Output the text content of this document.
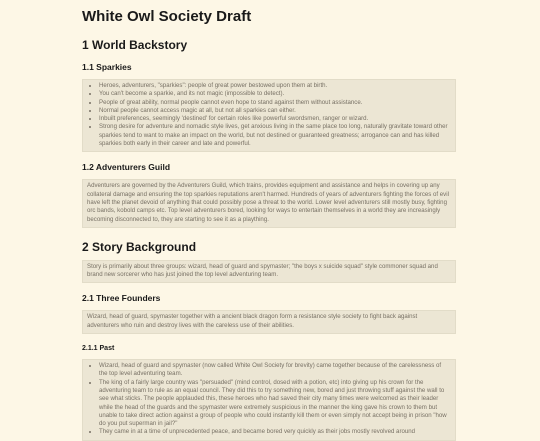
White Owl Society Draft
1 World Backstory
1.1 Sparkies
• Heroes, adventurers, "sparkies": people of great power bestowed upon them at birth.
• You can't become a sparkie, and its not magic (impossible to detect).
• People of great ability, normal people cannot even hope to stand against them without assistance.
• Normal people cannot access magic at all, but not all sparkies can either.
• Inbuilt preferences, seemingly 'destined' for certain roles like powerful swordsmen, ranger or wizard.
• Strong desire for adventure and nomadic style lives, get anxious living in the same place too long, naturally gravitate toward other sparkies tend to want to make an impact on the world, but not destined or guaranteed greatness; arrogance can and has killed sparkies both early in their career and late and powerful.
1.2 Adventurers Guild

Adventurers are governed by the Adventurers Guild, which trains, provides equipment and assistance and helps in covering up any collateral damage and ensuring the top sparkies reputations aren't harmed. Hundreds of years of adventurers fighting the forces of evil have left the planet devoid of anything that could possibly pose a threat to the world. Lower level adventurers still mostly busy, fighting orc bands, kobold camps etc. Top level adventurers bored, looking for ways to entertain themselves in a world they are increasingly becoming disconnected to, they are starting to see it as a plaything.

2 Story Background

Story is primarily about three groups: wizard, head of guard and spymaster; "the boys x suicide squad" style commoner squad and brand new sorcerer who has just joined the top level adventuring team.

2.1 Three Founders

Wizard, head of guard, spymaster together with a ancient black dragon form a resistance style society to fight back against adventurers who ruin and destroy lives with the careless use of their abilities.

2.1.1 Past
• Wizard, head of guard and spymaster (now called White Owl Society for brevity) came together because of the carelessness of the top level adventuring team.
• The king of a fairly large country was "persuaded" (mind control, dosed with a potion, etc) into giving up his crown for the adventuring team to rule as an equal council. They did this to try something new, bored and just throwing stuff against the wall to see what sticks. The people applauded this, these heroes who had saved their city many times were welcomed as their leader while the head of the guards and the spymaster were extremely suspicious in the manner the king gave his crown to them but unable to take direct action against a group of people who could instantly kill them or even simply not accept being in prison "how do you put superman in jail?"
• They came in at a time of unprecedented peace, and became bored very quickly as their jobs mostly revolved around
